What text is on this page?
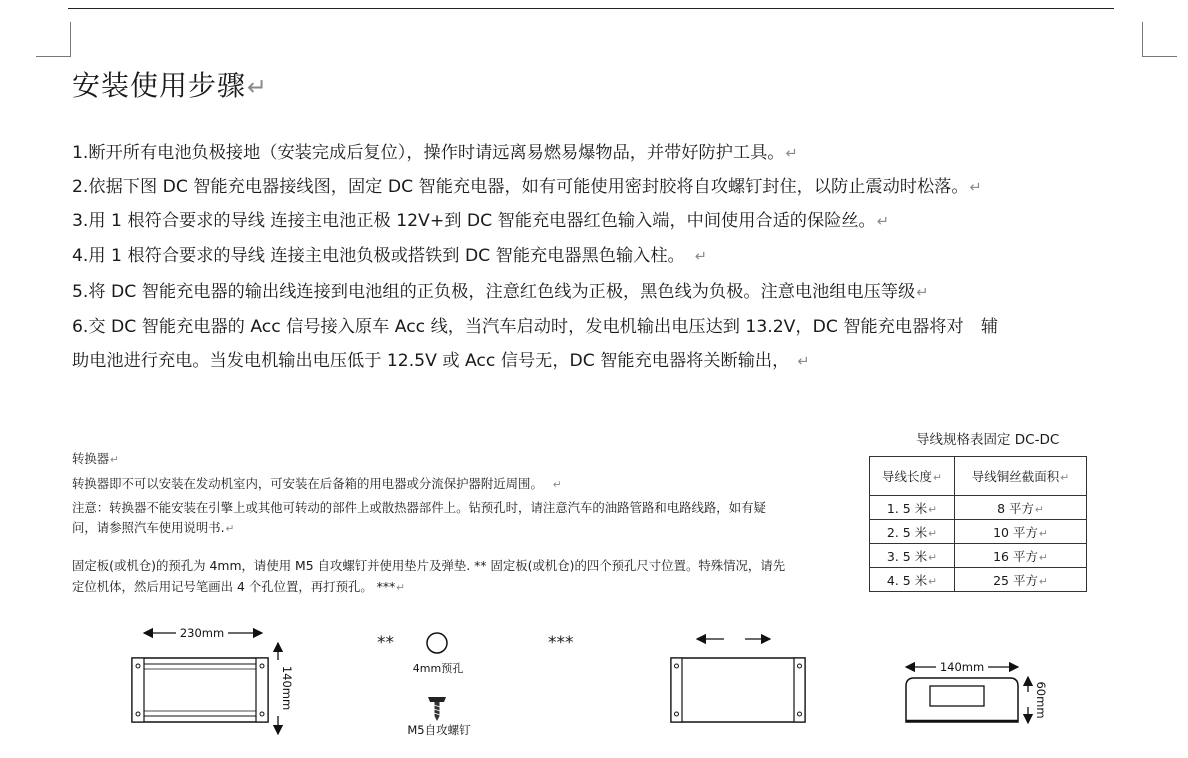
安装使用步骤↵
1.断开所有电池负极接地（安装完成后复位），操作时请远离易燃易爆物品，并带好防护工具。↵
2.依据下图 DC 智能充电器接线图，固定 DC 智能充电器，如有可能使用密封胶将自攻螺钉封住，以防止震动时松落。↵
3.用 1 根符合要求的导线 连接主电池正极 12V+到 DC 智能充电器红色输入端，中间使用合适的保险丝。↵
4.用 1 根符合要求的导线 连接主电池负极或搭铁到 DC 智能充电器黑色输入柱。 ↵
5.将 DC 智能充电器的输出线连接到电池组的正负极，注意红色线为正极，黑色线为负极。注意电池组电压等级↵
6.交 DC 智能充电器的 Acc 信号接入原车 Acc 线，当汽车启动时，发电机输出电压达到 13.2V，DC 智能充电器将对　辅
助电池进行充电。当发电机输出电压低于 12.5V 或 Acc 信号无，DC 智能充电器将关断输出， ↵
转换器↵
转换器即不可以安装在发动机室内，可安装在后备箱的用电器或分流保护器附近周围。 ↵
注意：转换器不能安装在引擎上或其他可转动的部件上或散热器部件上。钻预孔时，请注意汽车的油路管路和电路线路，如有疑
问，请参照汽车使用说明书.↵
固定板(或机仓)的预孔为 4mm，请使用 M5 自攻螺钉并使用垫片及弹垫. ** 固定板(或机仓)的四个预孔尺寸位置。特殊情况，请先
定位机体，然后用记号笔画出 4 个孔位置，再打预孔。 ***↵
导线规格表固定 DC-DC
导线长度↵	导线铜丝截面积↵
1. 5 米↵	8 平方↵
2. 5 米↵	10 平方↵
3. 5 米↵	16 平方↵
4. 5 米↵	25 平方↵
230mm
140mm
**
4mm预孔
M5自攻螺钉
***
140mm
60mm
